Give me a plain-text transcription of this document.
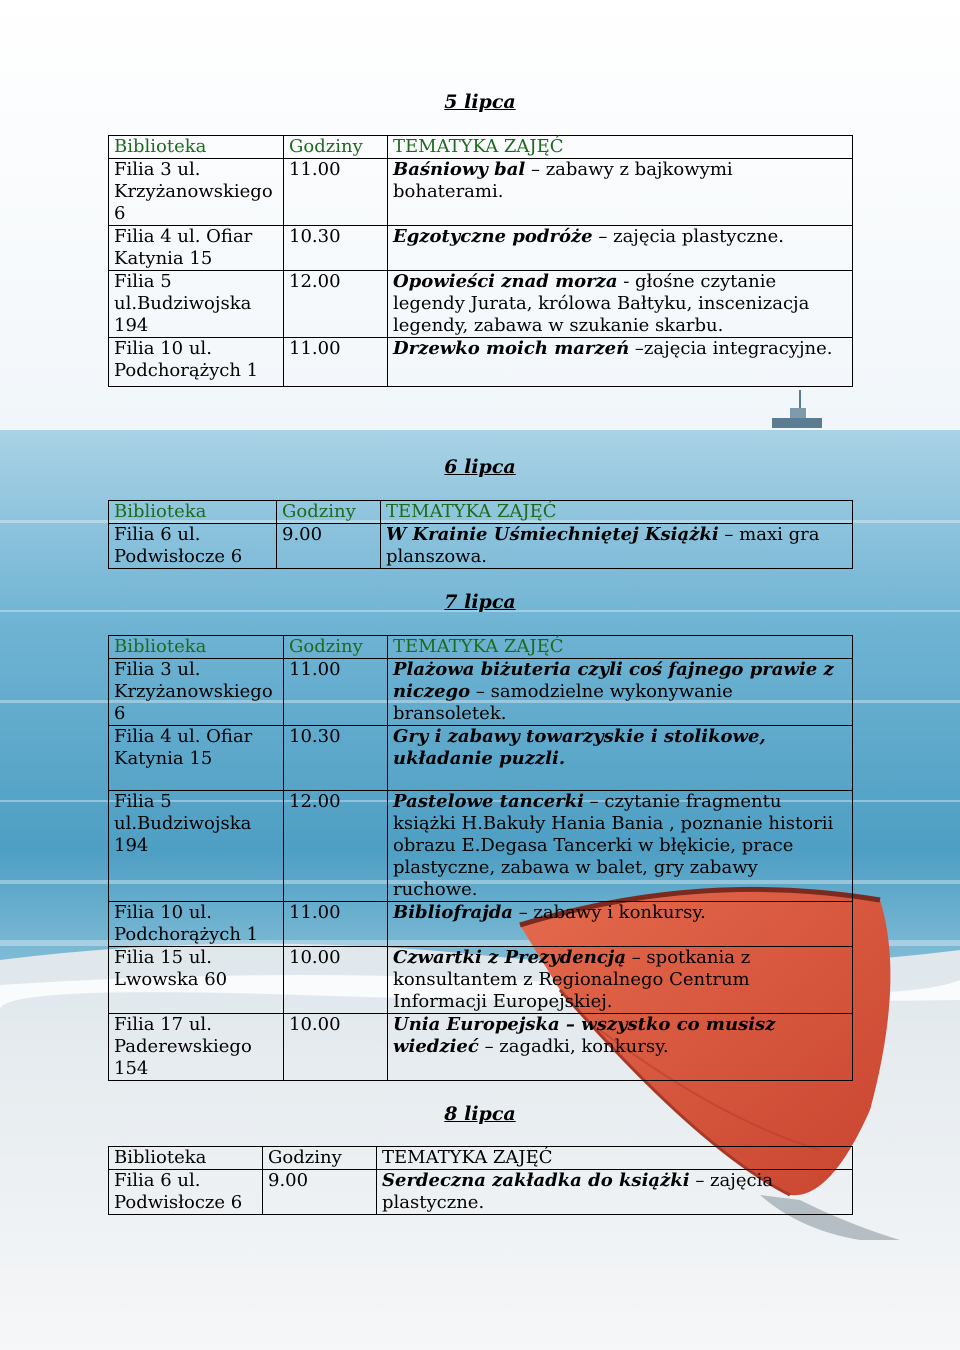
5 lipca
Biblioteka	Godziny	TEMATYKA ZAJĘĆ
Filia 3 ul. Krzyżanowskiego 6	11.00	Baśniowy bal – zabawy z bajkowymi bohaterami.
Filia 4 ul. Ofiar Katynia 15	10.30	Egzotyczne podróże – zajęcia plastyczne.
Filia 5 ul.Budziwojska 194	12.00	Opowieści znad morza - głośne czytanie legendy Jurata, królowa Bałtyku, inscenizacja legendy, zabawa w szukanie skarbu.
Filia 10 ul. Podchorążych 1	11.00	Drzewko moich marzeń –zajęcia integracyjne.
6 lipca
Biblioteka	Godziny	TEMATYKA ZAJĘĆ
Filia 6 ul. Podwisłocze 6	9.00	W Krainie Uśmiechniętej Książki – maxi gra planszowa.
7 lipca
Biblioteka	Godziny	TEMATYKA ZAJĘĆ
Filia 3 ul. Krzyżanowskiego 6	11.00	Plażowa biżuteria czyli coś fajnego prawie z niczego – samodzielne wykonywanie bransoletek.
Filia 4 ul. Ofiar Katynia 15	10.30	Gry i zabawy towarzyskie i stolikowe, układanie puzzli.
Filia 5 ul.Budziwojska 194	12.00	Pastelowe tancerki – czytanie fragmentu książki H.Bakuły Hania Bania , poznanie historii obrazu E.Degasa Tancerki w błękicie, prace plastyczne, zabawa w balet, gry zabawy ruchowe.
Filia 10 ul. Podchorążych 1	11.00	Bibliofrajda – zabawy i konkursy.
Filia 15 ul. Lwowska 60	10.00	Czwartki z Prezydencją – spotkania z konsultantem z Regionalnego Centrum Informacji Europejskiej.
Filia 17 ul. Paderewskiego 154	10.00	Unia Europejska – wszystko co musisz wiedzieć – zagadki, konkursy.
8 lipca
Biblioteka	Godziny	TEMATYKA ZAJĘĆ
Filia 6 ul. Podwisłocze 6	9.00	Serdeczna zakładka do książki – zajęcia plastyczne.
